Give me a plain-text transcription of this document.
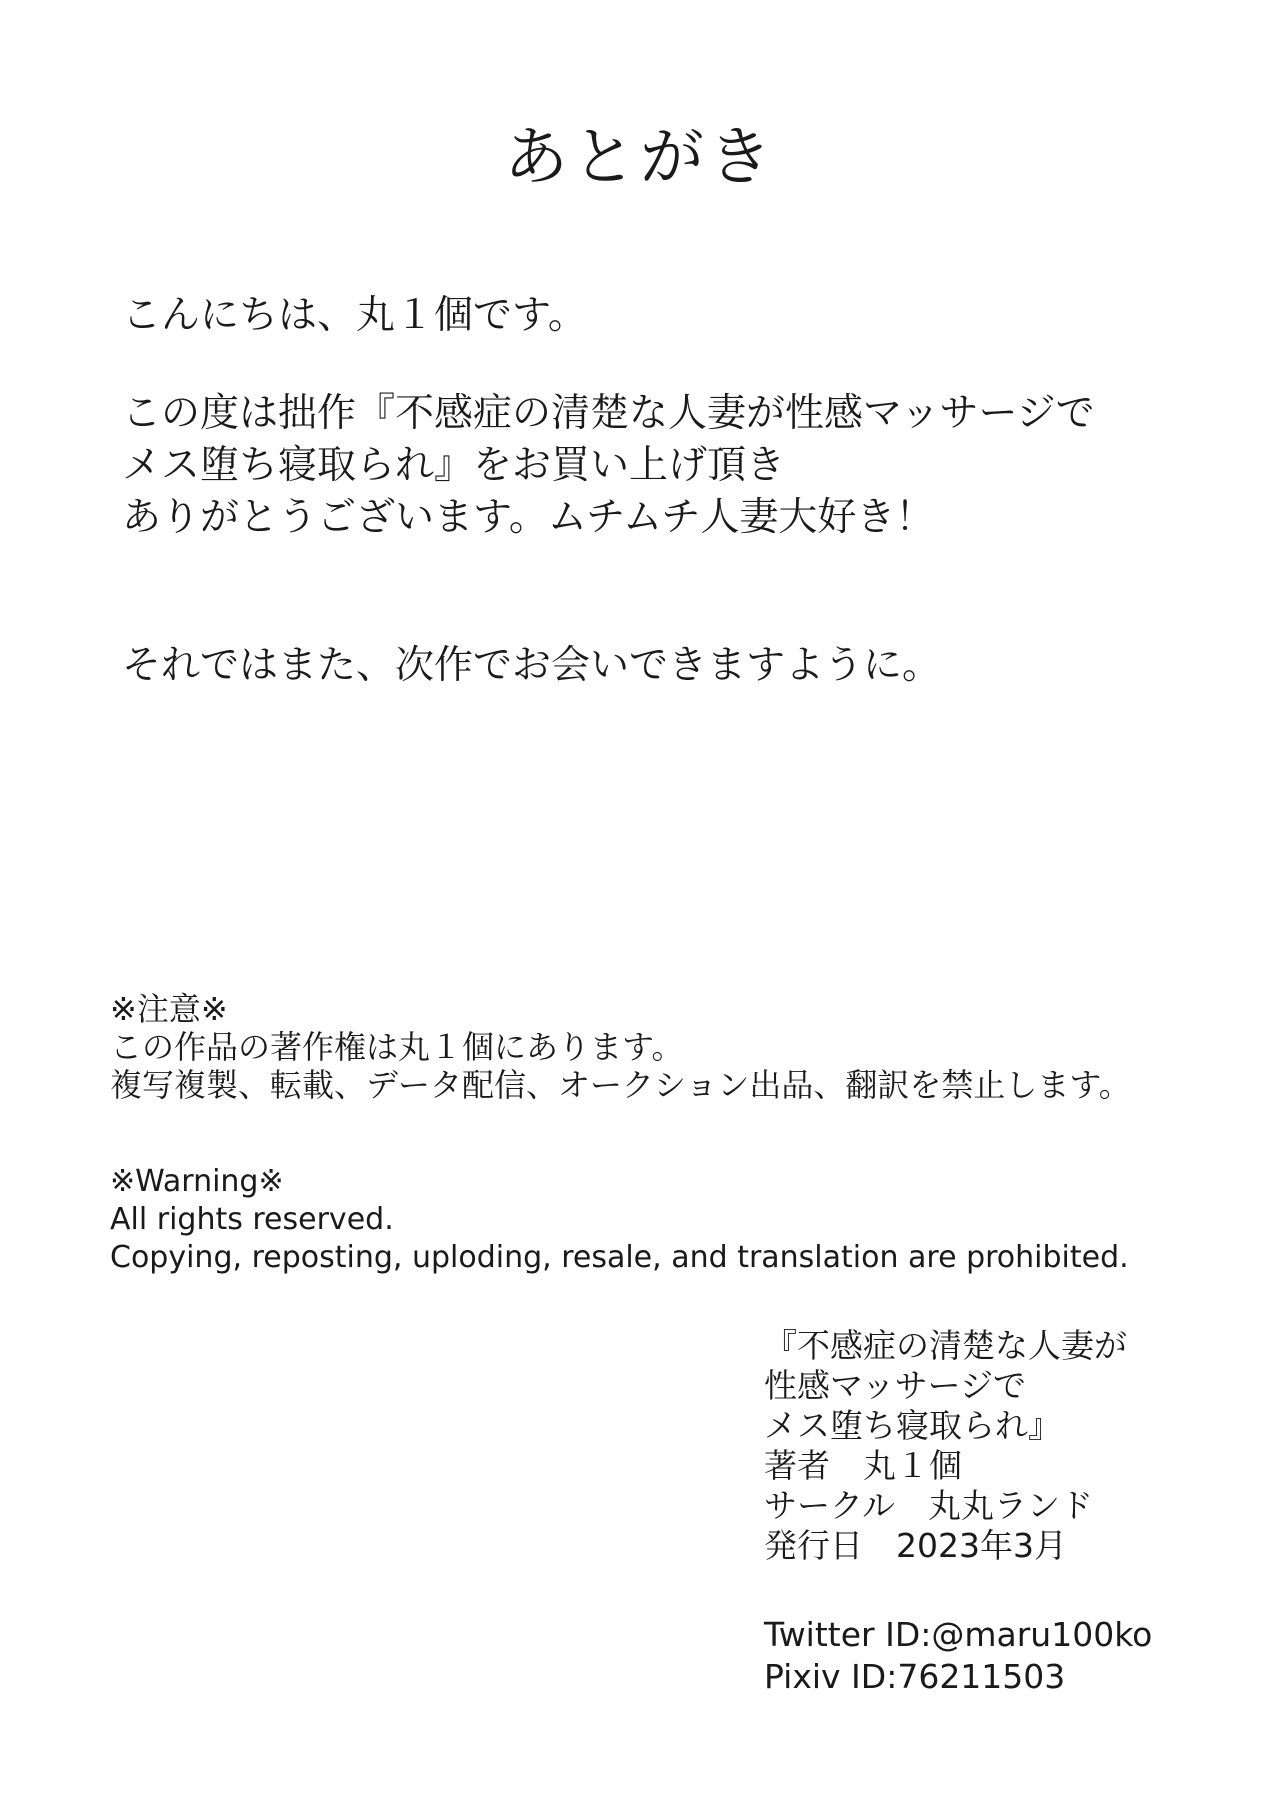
あとがき
こんにちは、丸１個です。
この度は拙作『不感症の清楚な人妻が性感マッサージで
メス堕ち寝取られ』をお買い上げ頂き
ありがとうございます。ムチムチ人妻大好き！
それではまた、次作でお会いできますように。
※注意※
この作品の著作権は丸１個にあります。
複写複製、転載、データ配信、オークション出品、翻訳を禁止します。
※Warning※
All rights reserved.
Copying, reposting, uploding, resale, and translation are prohibited.
『不感症の清楚な人妻が
性感マッサージで
メス堕ち寝取られ』
著者　丸１個
サークル　丸丸ランド
発行日　2023年3月
Twitter ID:@maru100ko
Pixiv ID:76211503
